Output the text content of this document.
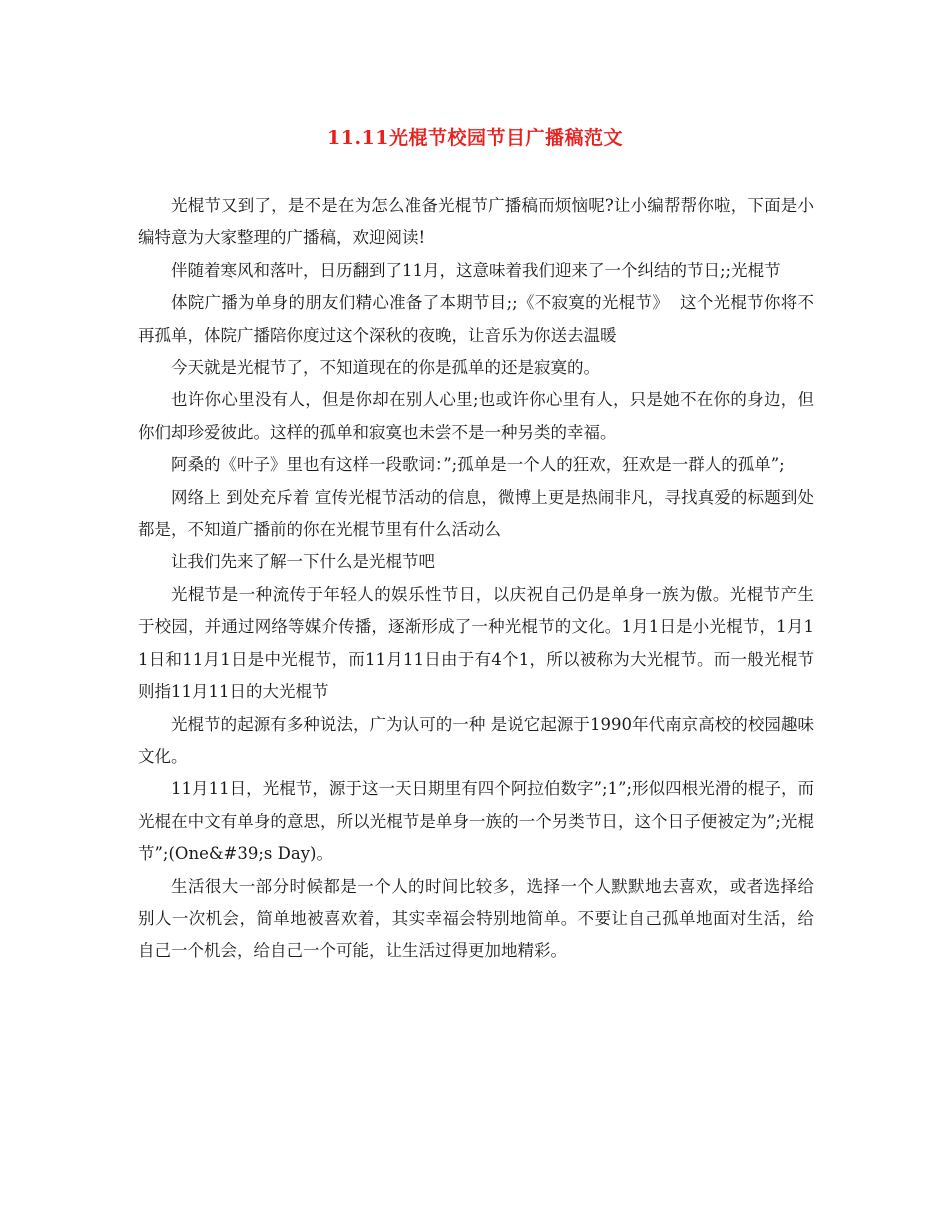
11.11光棍节校园节目广播稿范文

光棍节又到了，是不是在为怎么准备光棍节广播稿而烦恼呢?让小编帮帮你啦，下面是小编特意为大家整理的广播稿，欢迎阅读!

伴随着寒风和落叶，日历翻到了11月，这意味着我们迎来了一个纠结的节日;;光棍节

体院广播为单身的朋友们精心准备了本期节目;;《不寂寞的光棍节》  这个光棍节你将不再孤单，体院广播陪你度过这个深秋的夜晚，让音乐为你送去温暖

今天就是光棍节了，不知道现在的你是孤单的还是寂寞的。

也许你心里没有人，但是你却在别人心里;也或许你心里有人，只是她不在你的身边，但你们却珍爱彼此。这样的孤单和寂寞也未尝不是一种另类的幸福。

阿桑的《叶子》里也有这样一段歌词：”;孤单是一个人的狂欢，狂欢是一群人的孤单”;

网络上 到处充斥着 宣传光棍节活动的信息，微博上更是热闹非凡，寻找真爱的标题到处都是，不知道广播前的你在光棍节里有什么活动么

让我们先来了解一下什么是光棍节吧

光棍节是一种流传于年轻人的娱乐性节日，以庆祝自己仍是单身一族为傲。光棍节产生于校园，并通过网络等媒介传播，逐渐形成了一种光棍节的文化。1月1日是小光棍节，1月11日和11月1日是中光棍节，而11月11日由于有4个1，所以被称为大光棍节。而一般光棍节则指11月11日的大光棍节

光棍节的起源有多种说法，广为认可的一种 是说它起源于1990年代南京高校的校园趣味文化。

11月11日，光棍节，源于这一天日期里有四个阿拉伯数字”;1”;形似四根光滑的棍子，而光棍在中文有单身的意思，所以光棍节是单身一族的一个另类节日，这个日子便被定为”;光棍节”;(One&#39;s Day)。

生活很大一部分时候都是一个人的时间比较多，选择一个人默默地去喜欢，或者选择给别人一次机会，简单地被喜欢着，其实幸福会特别地简单。不要让自己孤单地面对生活，给自己一个机会，给自己一个可能，让生活过得更加地精彩。
